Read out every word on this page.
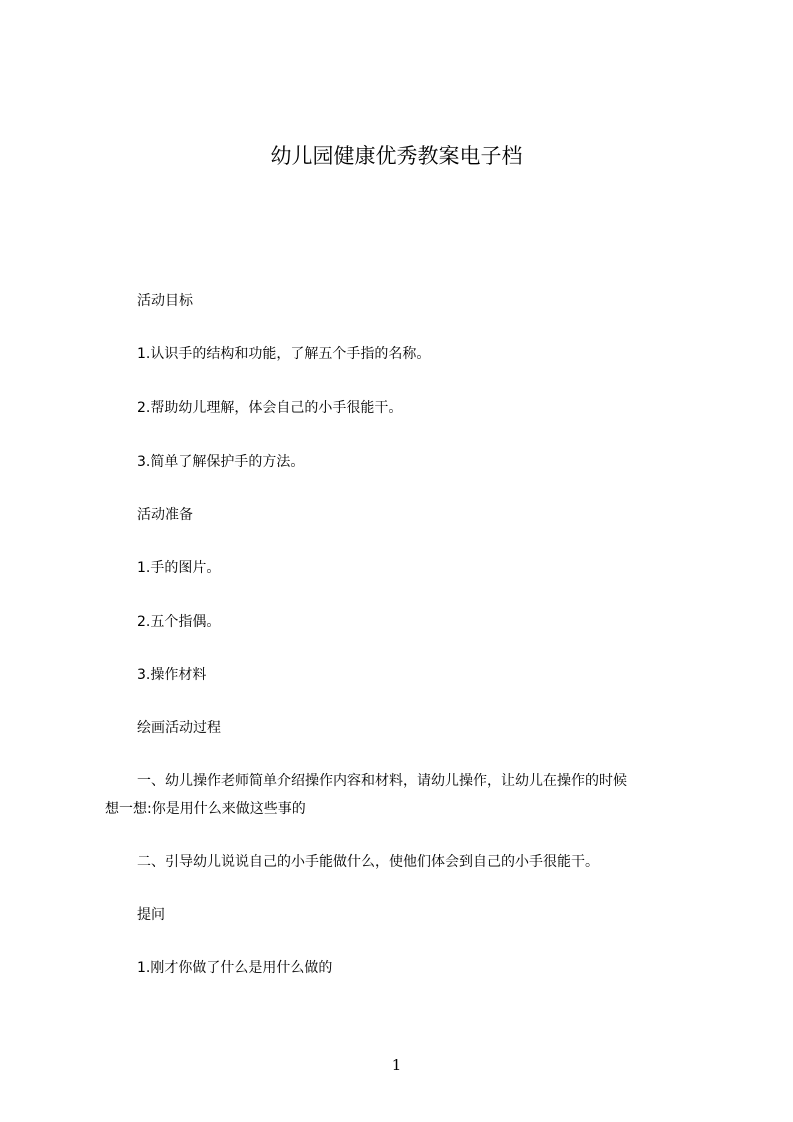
幼儿园健康优秀教案电子档
活动目标
1.认识手的结构和功能，了解五个手指的名称。
2.帮助幼儿理解，体会自己的小手很能干。
3.简单了解保护手的方法。
活动准备
1.手的图片。
2.五个指偶。
3.操作材料
绘画活动过程
一、幼儿操作老师简单介绍操作内容和材料，请幼儿操作，让幼儿在操作的时候
想一想:你是用什么来做这些事的
二、引导幼儿说说自己的小手能做什么，使他们体会到自己的小手很能干。
提问
1.刚才你做了什么是用什么做的
1
